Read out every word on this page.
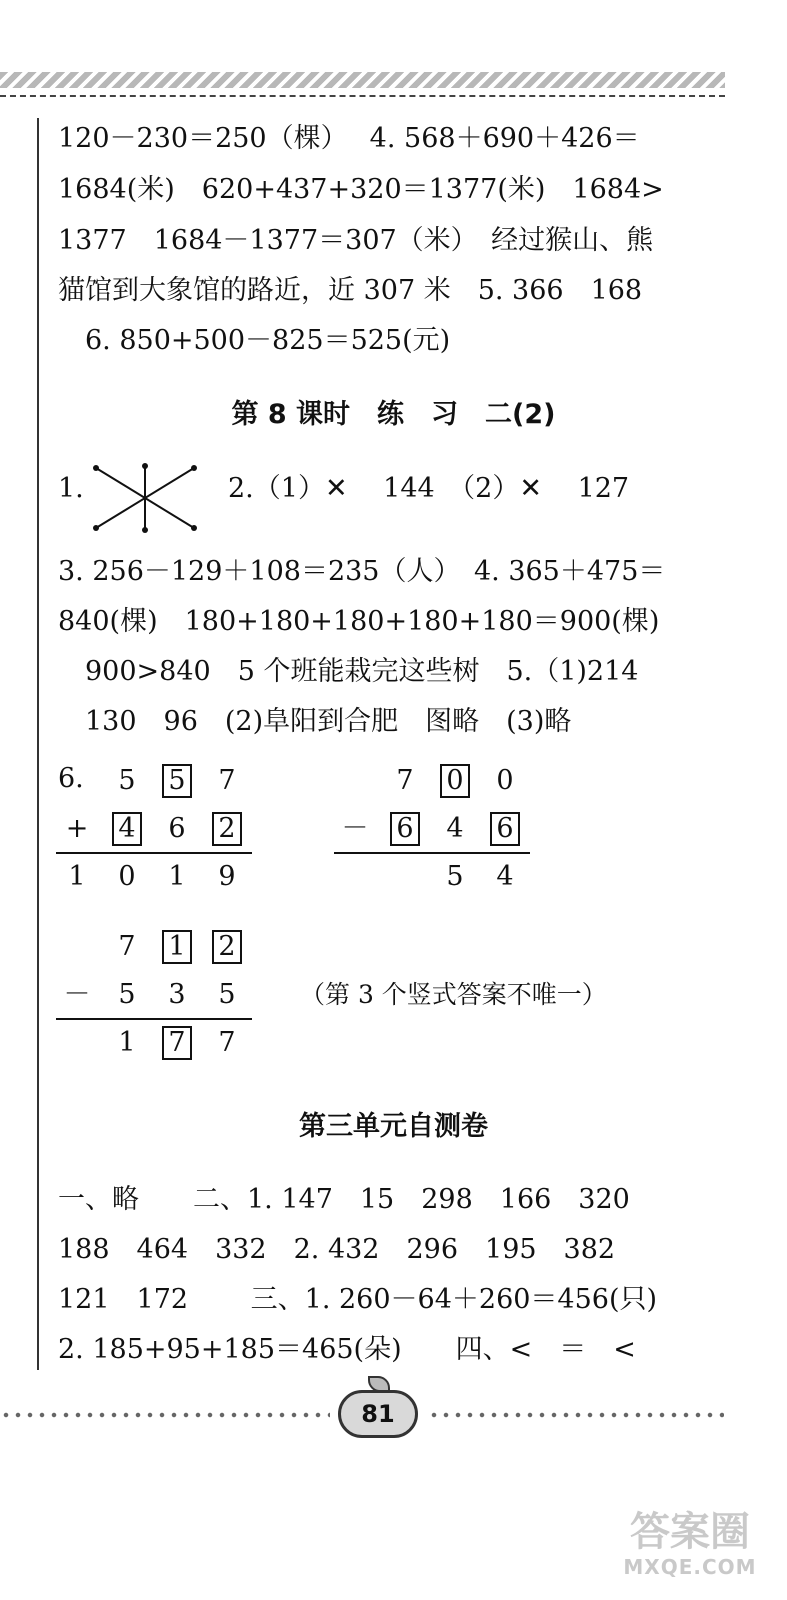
120－230＝250（棵）　 4. 568＋690＋426＝
1684(米)　620+437+320＝1377(米)　1684>
1377　1684－1377＝307（米）　经过猴山、熊
猫馆到大象馆的路近，近 307 米　5. 366　168
　6. 850+500－825＝525(元)
第 8 课时　练　习　二(2)
1.	2.（1）✕　 144　（2）✕　 127
3. 256－129＋108＝235（人）　4. 365＋475＝
840(棵)　180+180+180+180+180＝900(棵)
　900>840　5 个班能栽完这些树　5.（1)214
　130　96　(2)阜阳到合肥　图略　(3)略
6. 5 5 7
+ 4 6 2
1 0 1 9
7 0 0
－ 6 4 6
5 4
7 1 2
－ 5 3 5
1 7 7
（第 3 个竖式答案不唯一）
第三单元自测卷
一、略　　二、1. 147　15　298　166　320
188　464　332　2. 432　296　195　382
121　172　　 三、1. 260－64＋260＝456(只)
2. 185+95+185＝465(朵)　　四、<　＝　<
81
答案圈
MXQE.COM
